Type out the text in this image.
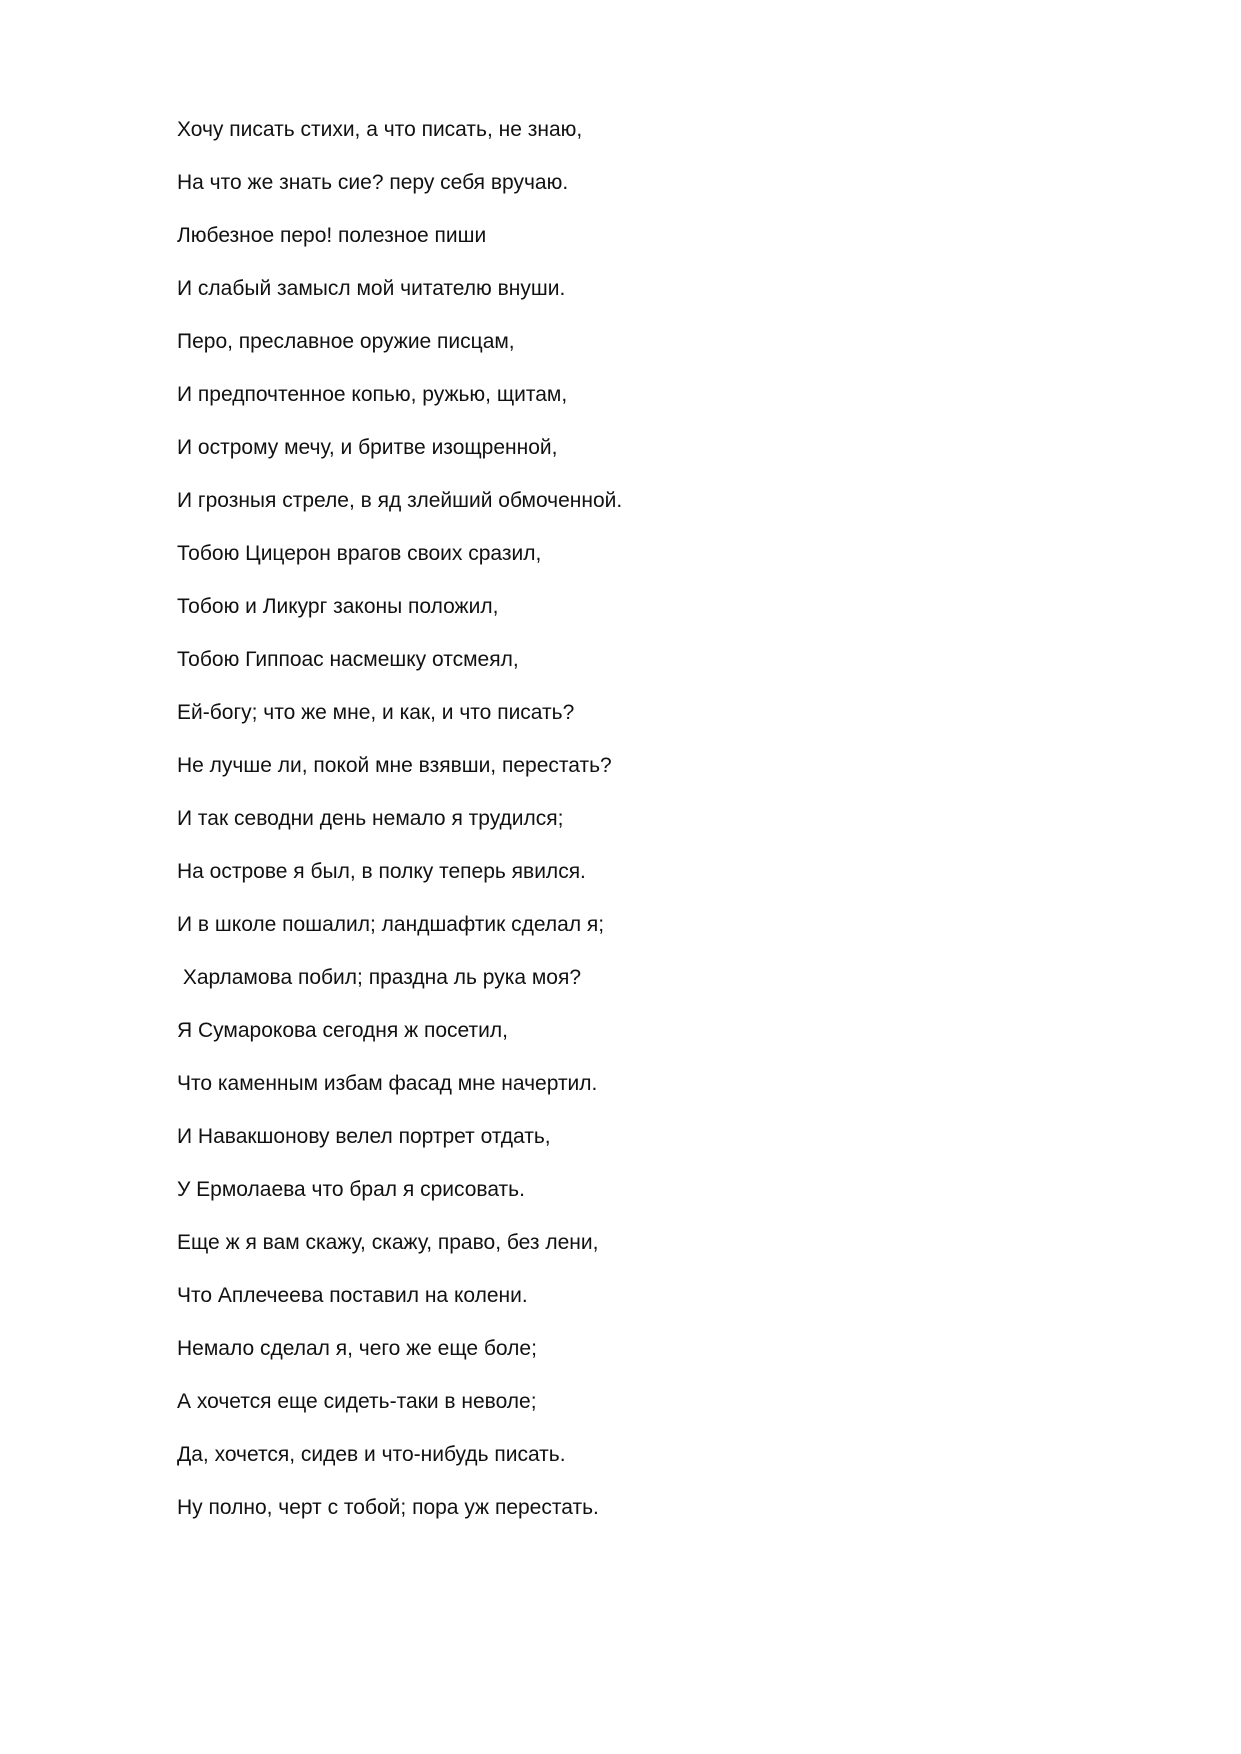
Хочу писать стихи, а что писать, не знаю,
На что же знать сие? перу себя вручаю.
Любезное перо! полезное пиши
И слабый замысл мой читателю внуши.
Перо, преславное оружие писцам,
И предпочтенное копью, ружью, щитам,
И острому мечу, и бритве изощренной,
И грозныя стреле, в яд злейший обмоченной.
Тобою Цицерон врагов своих сразил,
Тобою и Ликург законы положил,
Тобою Гиппоас насмешку отсмеял,
Ей-богу; что же мне, и как, и что писать?
Не лучше ли, покой мне взявши, перестать?
И так севодни день немало я трудился;
На острове я был, в полку теперь явился.
И в школе пошалил; ландшафтик сделал я;
Харламова побил; праздна ль рука моя?
Я Сумарокова сегодня ж посетил,
Что каменным избам фасад мне начертил.
И Навакшонову велел портрет отдать,
У Ермолаева что брал я срисовать.
Еще ж я вам скажу, скажу, право, без лени,
Что Аплечеева поставил на колени.
Немало сделал я, чего же еще боле;
А хочется еще сидеть-таки в неволе;
Да, хочется, сидев и что-нибудь писать.
Ну полно, черт с тобой; пора уж перестать.
